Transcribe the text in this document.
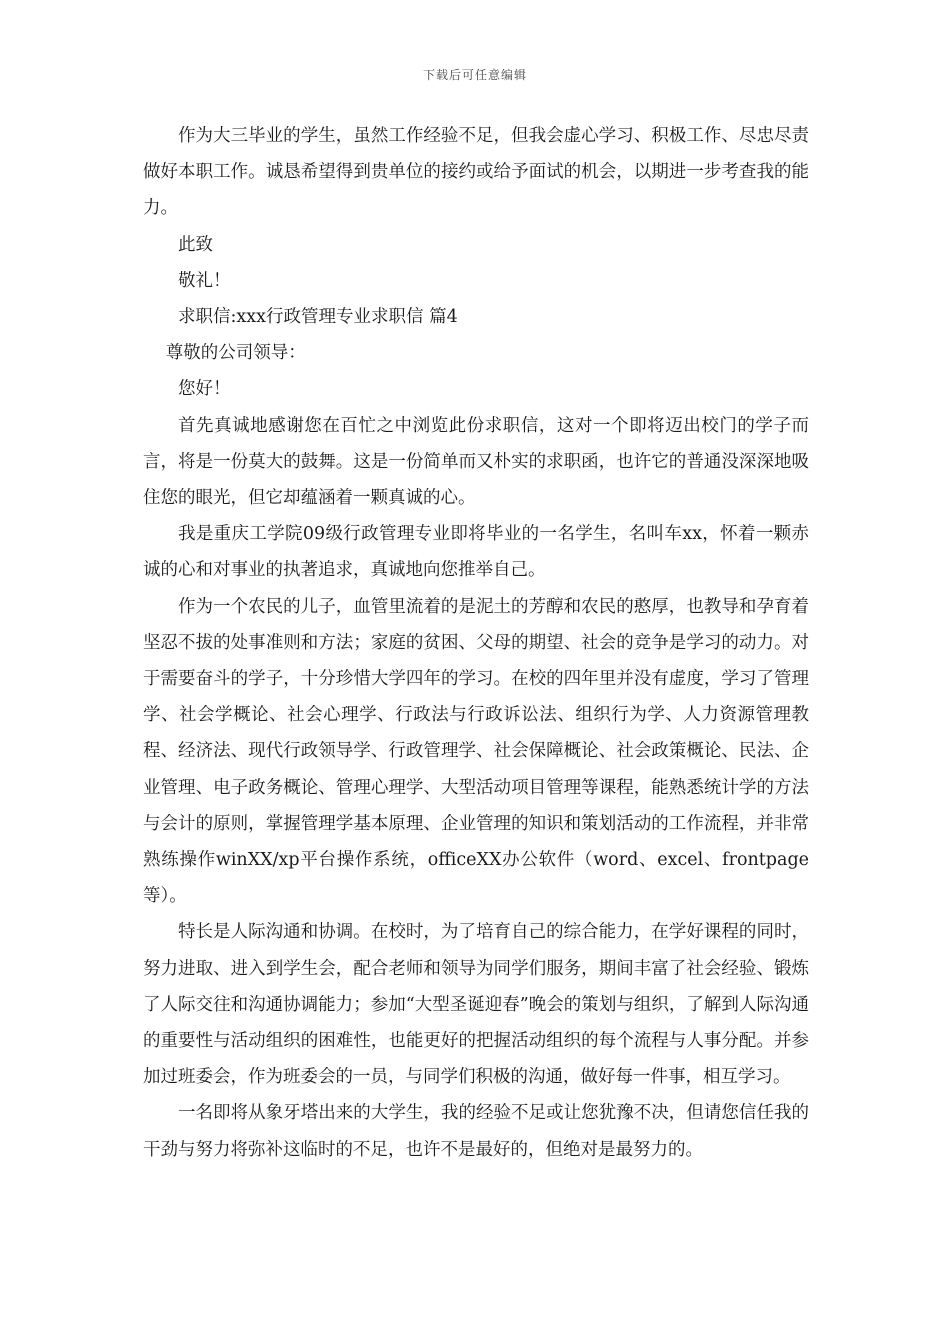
下载后可任意编辑

作为大三毕业的学生，虽然工作经验不足，但我会虚心学习、积极工作、尽忠尽责做好本职工作。诚恳希望得到贵单位的接约或给予面试的机会，以期进一步考查我的能力。

此致

敬礼！

求职信:xxx行政管理专业求职信 篇4

尊敬的公司领导：

您好！

首先真诚地感谢您在百忙之中浏览此份求职信，这对一个即将迈出校门的学子而言，将是一份莫大的鼓舞。这是一份简单而又朴实的求职函，也许它的普通没深深地吸住您的眼光，但它却蕴涵着一颗真诚的心。

我是重庆工学院09级行政管理专业即将毕业的一名学生，名叫车xx，怀着一颗赤诚的心和对事业的执著追求，真诚地向您推举自己。

作为一个农民的儿子，血管里流着的是泥土的芳醇和农民的憨厚，也教导和孕育着坚忍不拔的处事准则和方法；家庭的贫困、父母的期望、社会的竞争是学习的动力。对于需要奋斗的学子，十分珍惜大学四年的学习。在校的四年里并没有虚度，学习了管理学、社会学概论、社会心理学、行政法与行政诉讼法、组织行为学、人力资源管理教程、经济法、现代行政领导学、行政管理学、社会保障概论、社会政策概论、民法、企业管理、电子政务概论、管理心理学、大型活动项目管理等课程，能熟悉统计学的方法与会计的原则，掌握管理学基本原理、企业管理的知识和策划活动的工作流程，并非常熟练操作winXX/xp平台操作系统，officeXX办公软件（word、excel、frontpage等）。

特长是人际沟通和协调。在校时，为了培育自己的综合能力，在学好课程的同时，努力进取、进入到学生会，配合老师和领导为同学们服务，期间丰富了社会经验、锻炼了人际交往和沟通协调能力；参加“大型圣诞迎春”晚会的策划与组织，了解到人际沟通的重要性与活动组织的困难性，也能更好的把握活动组织的每个流程与人事分配。并参加过班委会，作为班委会的一员，与同学们积极的沟通，做好每一件事，相互学习。

一名即将从象牙塔出来的大学生，我的经验不足或让您犹豫不决，但请您信任我的干劲与努力将弥补这临时的不足，也许不是最好的，但绝对是最努力的。
